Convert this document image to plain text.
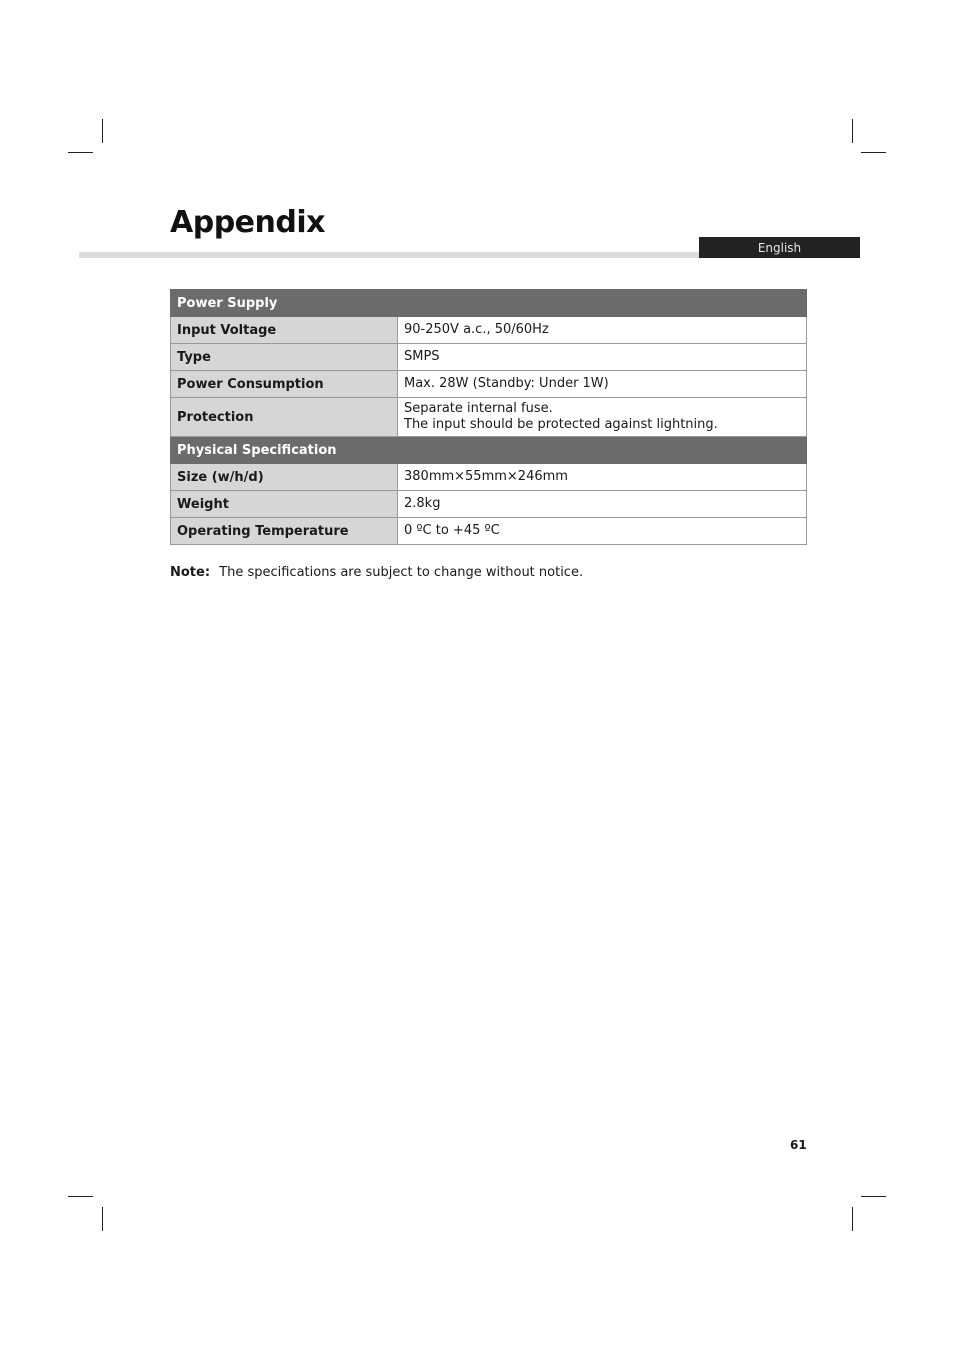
Appendix
English
Power Supply	
Input Voltage	90-250V a.c., 50/60Hz

Type	SMPS

Power Consumption	Max. 28W (Standby: Under 1W)

Protection	Separate internal fuse.
The input should be protected against lightning.

Physical Specification	
Size (w/h/d)	380mm×55mm×246mm

Weight	2.8kg

Operating Temperature	0 ºC to +45 ºC
Note: The specifications are subject to change without notice.
61
